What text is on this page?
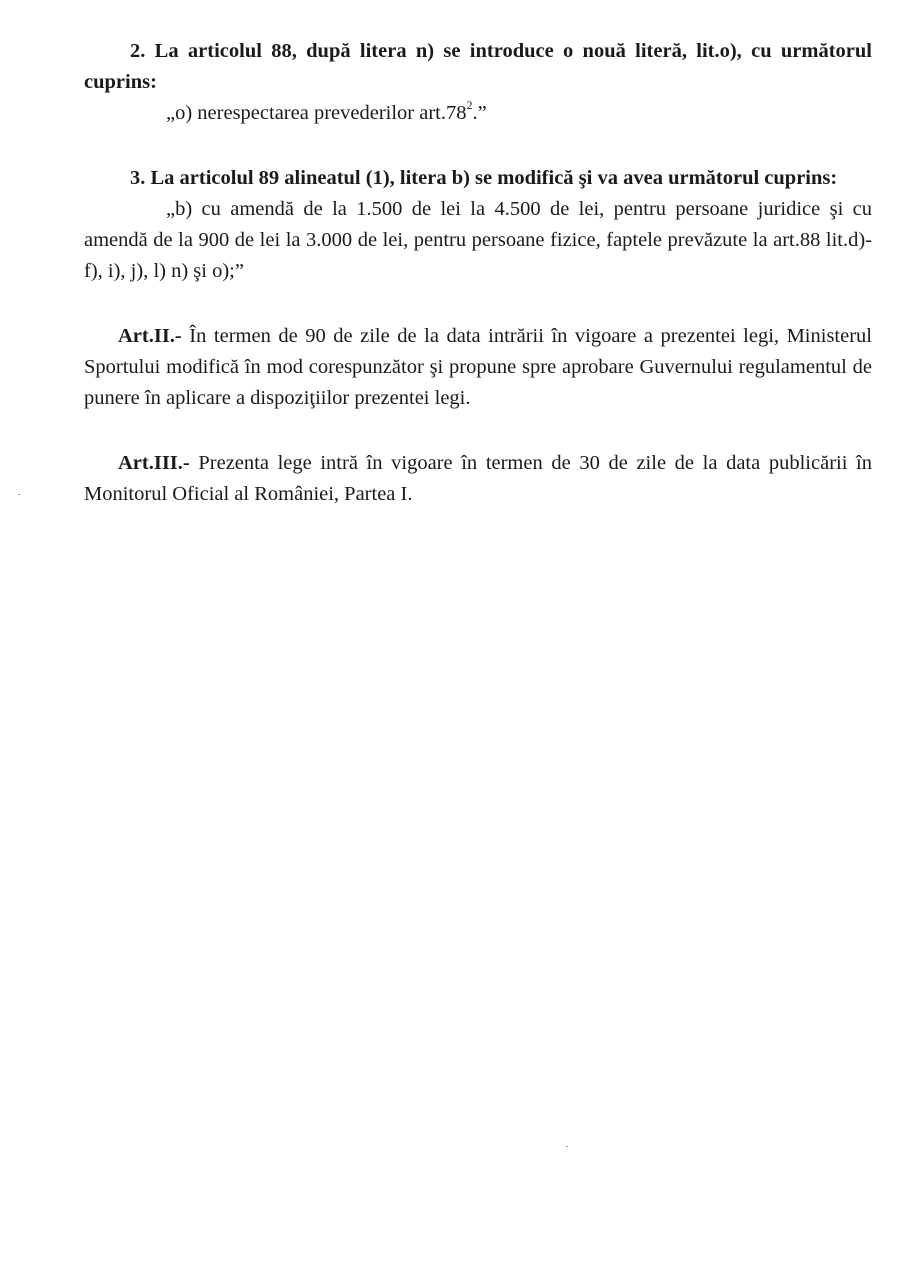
2. La articolul 88, după litera n) se introduce o nouă literă, lit.o), cu următorul cuprins:

„o) nerespectarea prevederilor $art.78^2$.”

3. La articolul 89 alineatul (1), litera b) se modifică şi va avea următorul cuprins:

„b) cu amendă de la 1.500 de lei la 4.500 de lei, pentru persoane juridice şi cu amendă de la 900 de lei la 3.000 de lei, pentru persoane fizice, faptele prevăzute la art.88 lit.d)-f), i), j), l) n) şi o);”

Art.II.- În termen de 90 de zile de la data intrării în vigoare a prezentei legi, Ministerul Sportului modifică în mod corespunzător şi propune spre aprobare Guvernului regulamentul de punere în aplicare a dispoziţiilor prezentei legi.

Art.III.- Prezenta lege intră în vigoare în termen de 30 de zile de la data publicării în Monitorul Oficial al României, Partea I.
